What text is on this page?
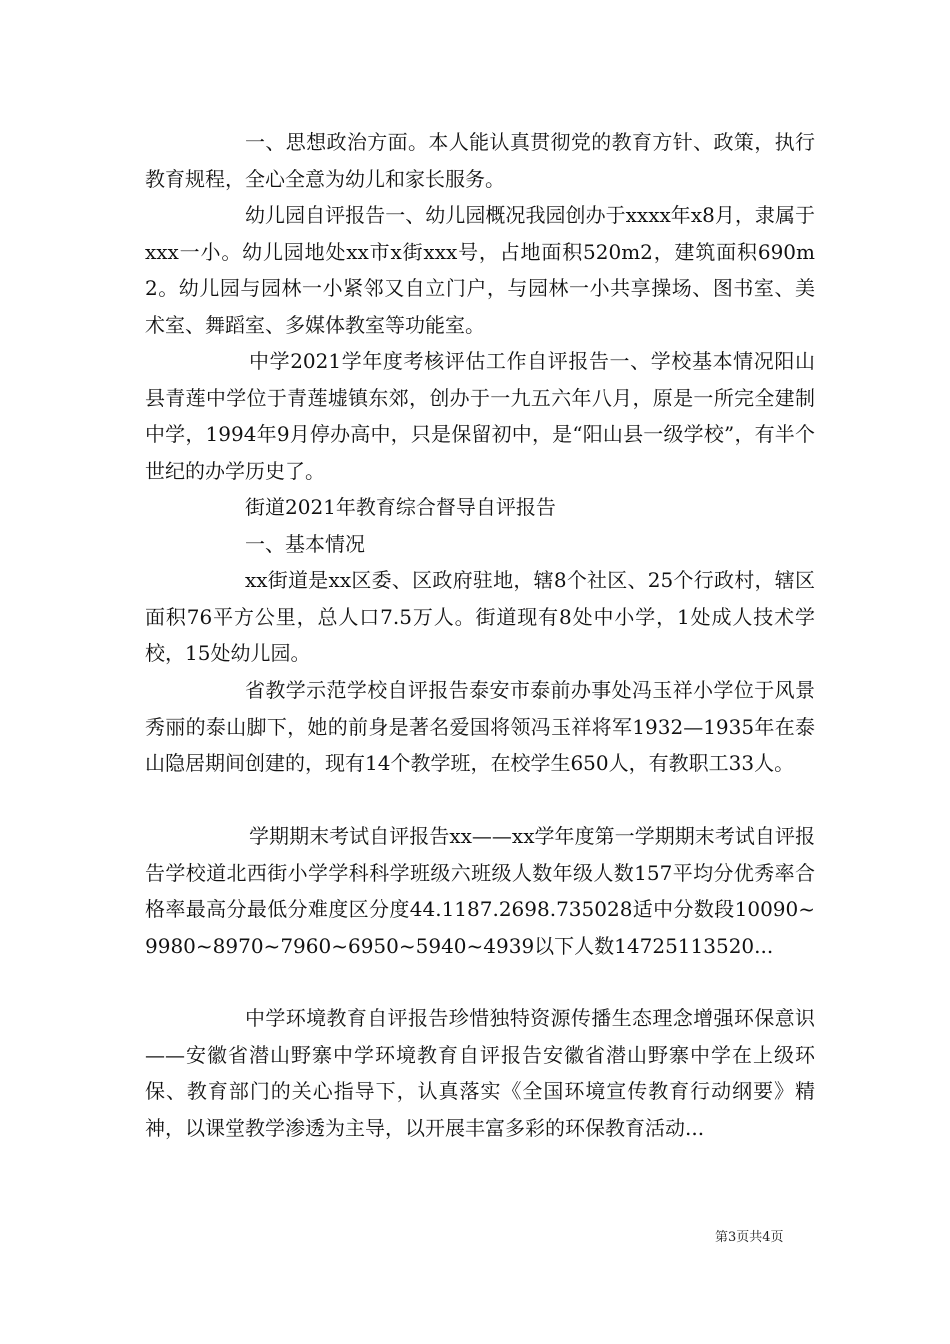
一、思想政治方面。本人能认真贯彻党的教育方针、政策，执行教育规程，全心全意为幼儿和家长服务。

幼儿园自评报告一、幼儿园概况我园创办于xxxx年x8月，隶属于xxx一小。幼儿园地处xx市x街xxx号，占地面积520m2，建筑面积690m2。幼儿园与园林一小紧邻又自立门户，与园林一小共享操场、图书室、美术室、舞蹈室、多媒体教室等功能室。

中学2021学年度考核评估工作自评报告一、学校基本情况阳山县青莲中学位于青莲墟镇东郊，创办于一九五六年八月，原是一所完全建制中学，1994年9月停办高中，只是保留初中，是“阳山县一级学校”，有半个世纪的办学历史了。

街道2021年教育综合督导自评报告

一、基本情况

xx街道是xx区委、区政府驻地，辖8个社区、25个行政村，辖区面积76平方公里，总人口7.5万人。街道现有8处中小学，1处成人技术学校，15处幼儿园。

省教学示范学校自评报告泰安市泰前办事处冯玉祥小学位于风景秀丽的泰山脚下，她的前身是著名爱国将领冯玉祥将军1932—1935年在泰山隐居期间创建的，现有14个教学班，在校学生650人，有教职工33人。

学期期末考试自评报告xx——xx学年度第一学期期末考试自评报告学校道北西街小学学科科学班级六班级人数年级人数157平均分优秀率合格率最高分最低分难度区分度44.1187.2698.735028适中分数段10090~9980~8970~7960~6950~5940~4939以下人数14725113520...

中学环境教育自评报告珍惜独特资源传播生态理念增强环保意识——安徽省潜山野寨中学环境教育自评报告安徽省潜山野寨中学在上级环保、教育部门的关心指导下，认真落实《全国环境宣传教育行动纲要》精神，以课堂教学渗透为主导，以开展丰富多彩的环保教育活动...

第3页共4页
